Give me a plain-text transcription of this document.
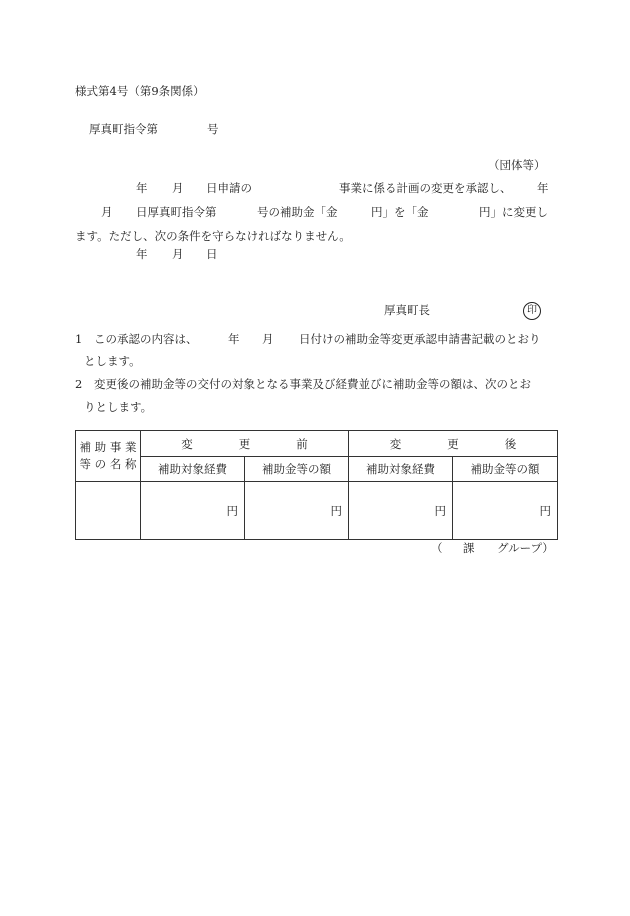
様式第4号（第9条関係）
厚真町指令第	号
（団体等）
年 月 日申請の	事業に係る計画の変更を承認し、 年
月 日厚真町指令第	号の補助金「金	円」を「金	円」に変更し
ます。ただし、次の条件を守らなければなりません。
年 月 日
厚真町長	印
1 この承認の内容は、	年 月 日付けの補助金等変更承認申請書記載のとおり
とします。
2 変更後の補助金等の交付の対象となる事業及び経費並びに補助金等の額は、次のとお
りとします。
補 助 事 業
等 の 名 称	変　　　　更　　　　前		変　　　　更　　　　後	
	補助対象経費	補助金等の額	補助対象経費	補助金等の額
	円	円	円	円
（ 課 グループ）
